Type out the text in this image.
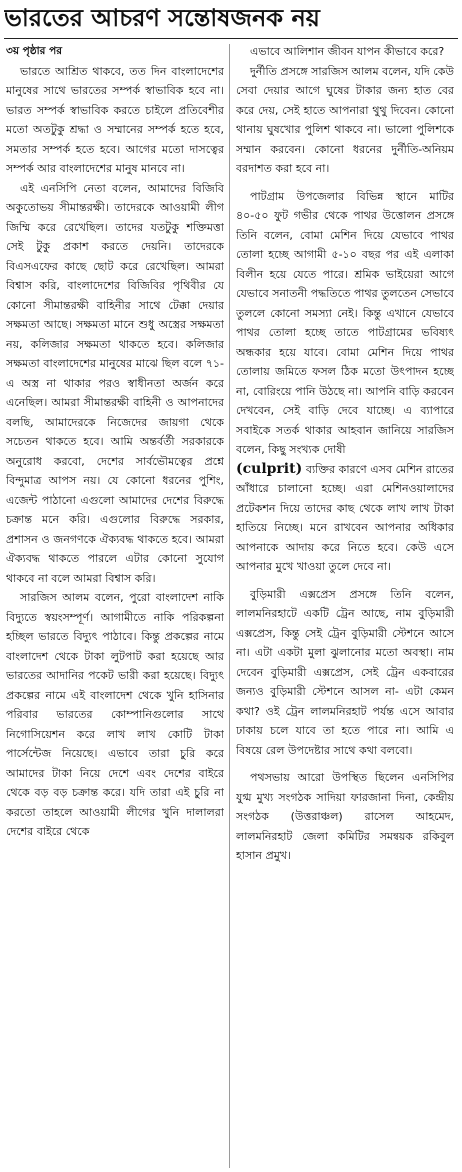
ভারতের আচরণ সন্তোষজনক নয়

৩য় পৃষ্ঠার পর

ভারতে আশ্রিত থাকবে, তত দিন বাংলাদেশের মানুষের সাথে ভারতের সম্পর্ক স্বাভাবিক হবে না। ভারত সম্পর্ক স্বাভাবিক করতে চাইলে প্রতিবেশীর মতো অতটুকু শ্রদ্ধা ও সম্মানের সম্পর্ক হতে হবে, সমতার সম্পর্ক হতে হবে। আগের মতো দাসত্বের সম্পর্ক আর বাংলাদেশের মানুষ মানবে না।

এই এনসিপি নেতা বলেন, আমাদের বিজিবি অকুতোভয় সীমান্তরক্ষী। তাদেরকে আওয়ামী লীগ জিম্মি করে রেখেছিল। তাদের যতটুকু শক্তিমত্তা সেই টুকু প্রকাশ করতে দেয়নি। তাদেরকে বিএসএফের কাছে ছোট করে রেখেছিল। আমরা বিশ্বাস করি, বাংলাদেশের বিজিবির পৃথিবীর যে কোনো সীমান্তরক্ষী বাহিনীর সাথে টেক্কা দেয়ার সক্ষমতা আছে। সক্ষমতা মানে শুধু অস্ত্রের সক্ষমতা নয়, কলিজার সক্ষমতা থাকতে হবে। কলিজার সক্ষমতা বাংলাদেশের মানুষের মাঝে ছিল বলে ৭১-এ অস্ত্র না থাকার পরও স্বাধীনতা অর্জন করে এনেছিল। আমরা সীমান্তরক্ষী বাহিনী ও আপনাদের বলছি, আমাদেরকে নিজেদের জায়গা থেকে সচেতন থাকতে হবে। আমি অন্তর্বর্তী সরকারকে অনুরোধ করবো, দেশের সার্বভৌমত্বের প্রশ্নে বিন্দুমাত্র আপস নয়। যে কোনো ধরনের পুশিং, এজেন্ট পাঠানো এগুলো আমাদের দেশের বিরুদ্ধে চক্রান্ত মনে করি। এগুলোর বিরুদ্ধে সরকার, প্রশাসন ও জনগণকে ঐক্যবদ্ধ থাকতে হবে। আমরা ঐক্যবদ্ধ থাকতে পারলে এটার কোনো সুযোগ থাকবে না বলে আমরা বিশ্বাস করি।

সারজিস আলম বলেন, পুরো বাংলাদেশ নাকি বিদ্যুতে স্বয়ংসম্পূর্ণ। আগামীতে নাকি পরিকল্পনা হচ্ছিল ভারতে বিদ্যুৎ পাঠাবে। কিন্তু প্রকল্পের নামে বাংলাদেশ থেকে টাকা লুটপাট করা হয়েছে আর ভারতের আদানির পকেট ভারী করা হয়েছে। বিদ্যুৎ প্রকল্পের নামে এই বাংলাদেশ থেকে খুনি হাসিনার পরিবার ভারতের কোম্পানিগুলোর সাথে নিগোসিয়েশন করে লাখ লাখ কোটি টাকা পার্সেন্টেজ নিয়েছে। এভাবে তারা চুরি করে আমাদের টাকা নিয়ে দেশে এবং দেশের বাইরে থেকে বড় বড় চক্রান্ত করে। যদি তারা এই চুরি না করতো তাহলে আওয়ামী লীগের খুনি দালালরা দেশের বাইরে থেকে

এভাবে আলিশান জীবন যাপন কীভাবে করে?

দুর্নীতি প্রসঙ্গে সারজিস আলম বলেন, যদি কেউ সেবা দেয়ার আগে ঘুষের টাকার জন্য হাত বের করে দেয়, সেই হাতে আপনারা থুথু দিবেন। কোনো থানায় ঘুষখোর পুলিশ থাকবে না। ভালো পুলিশকে সম্মান করবেন। কোনো ধরনের দুর্নীতি-অনিয়ম বরদাশত করা হবে না।

পাটগ্রাম উপজেলার বিভিন্ন স্থানে মাটির ৪০-৫০ ফুট গভীর থেকে পাথর উত্তোলন প্রসঙ্গে তিনি বলেন, বোমা মেশিন দিয়ে যেভাবে পাথর তোলা হচ্ছে আগামী ৫-১০ বছর পর এই এলাকা বিলীন হয়ে যেতে পারে। শ্রমিক ভাইয়েরা আগে যেভাবে সনাতনী পদ্ধতিতে পাথর তুলতেন সেভাবে তুললে কোনো সমস্যা নেই। কিন্তু এখানে যেভাবে পাথর তোলা হচ্ছে তাতে পাটগ্রামের ভবিষ্যৎ অন্ধকার হয়ে যাবে। বোমা মেশিন দিয়ে পাথর তোলায় জমিতে ফসল ঠিক মতো উৎপাদন হচ্ছে না, বোরিংয়ে পানি উঠছে না। আপনি বাড়ি করবেন দেখবেন, সেই বাড়ি দেবে যাচ্ছে। এ ব্যাপারে সবাইকে সতর্ক থাকার আহবান জানিয়ে সারজিস বলেন, কিছু সংখ্যক দোষী

(culprit) ব্যক্তির কারণে এসব মেশিন রাতের আঁধারে চালানো হচ্ছে। এরা মেশিনওয়ালাদের প্রটেকশন দিয়ে তাদের কাছ থেকে লাখ লাখ টাকা হাতিয়ে নিচ্ছে। মনে রাখবেন আপনার অধিকার আপনাকে আদায় করে নিতে হবে। কেউ এসে আপনার মুখে খাওয়া তুলে দেবে না।

বুড়িমারী এক্সপ্রেস প্রসঙ্গে তিনি বলেন, লালমনিরহাটে একটি ট্রেন আছে, নাম বুড়িমারী এক্সপ্রেস, কিন্তু সেই ট্রেন বুড়িমারী স্টেশনে আসে না। এটা একটা মুলা ঝুলানোর মতো অবস্থা। নাম দেবেন বুড়িমারী এক্সপ্রেস, সেই ট্রেন একবারের জন্যও বুড়িমারী স্টেশনে আসল না- এটা কেমন কথা? ওই ট্রেন লালমনিরহাট পর্যন্ত এসে আবার ঢাকায় চলে যাবে তা হতে পারে না। আমি এ বিষয়ে রেল উপদেষ্টার সাথে কথা বলবো।

পথসভায় আরো উপস্থিত ছিলেন এনসিপির যুগ্ম মুখ্য সংগঠক সাদিয়া ফারজানা দিনা, কেন্দ্রীয় সংগঠক (উত্তরাঞ্চল) রাসেল আহমেদ, লালমনিরহাট জেলা কমিটির সমন্বয়ক রকিবুল হাসান প্রমুখ।
